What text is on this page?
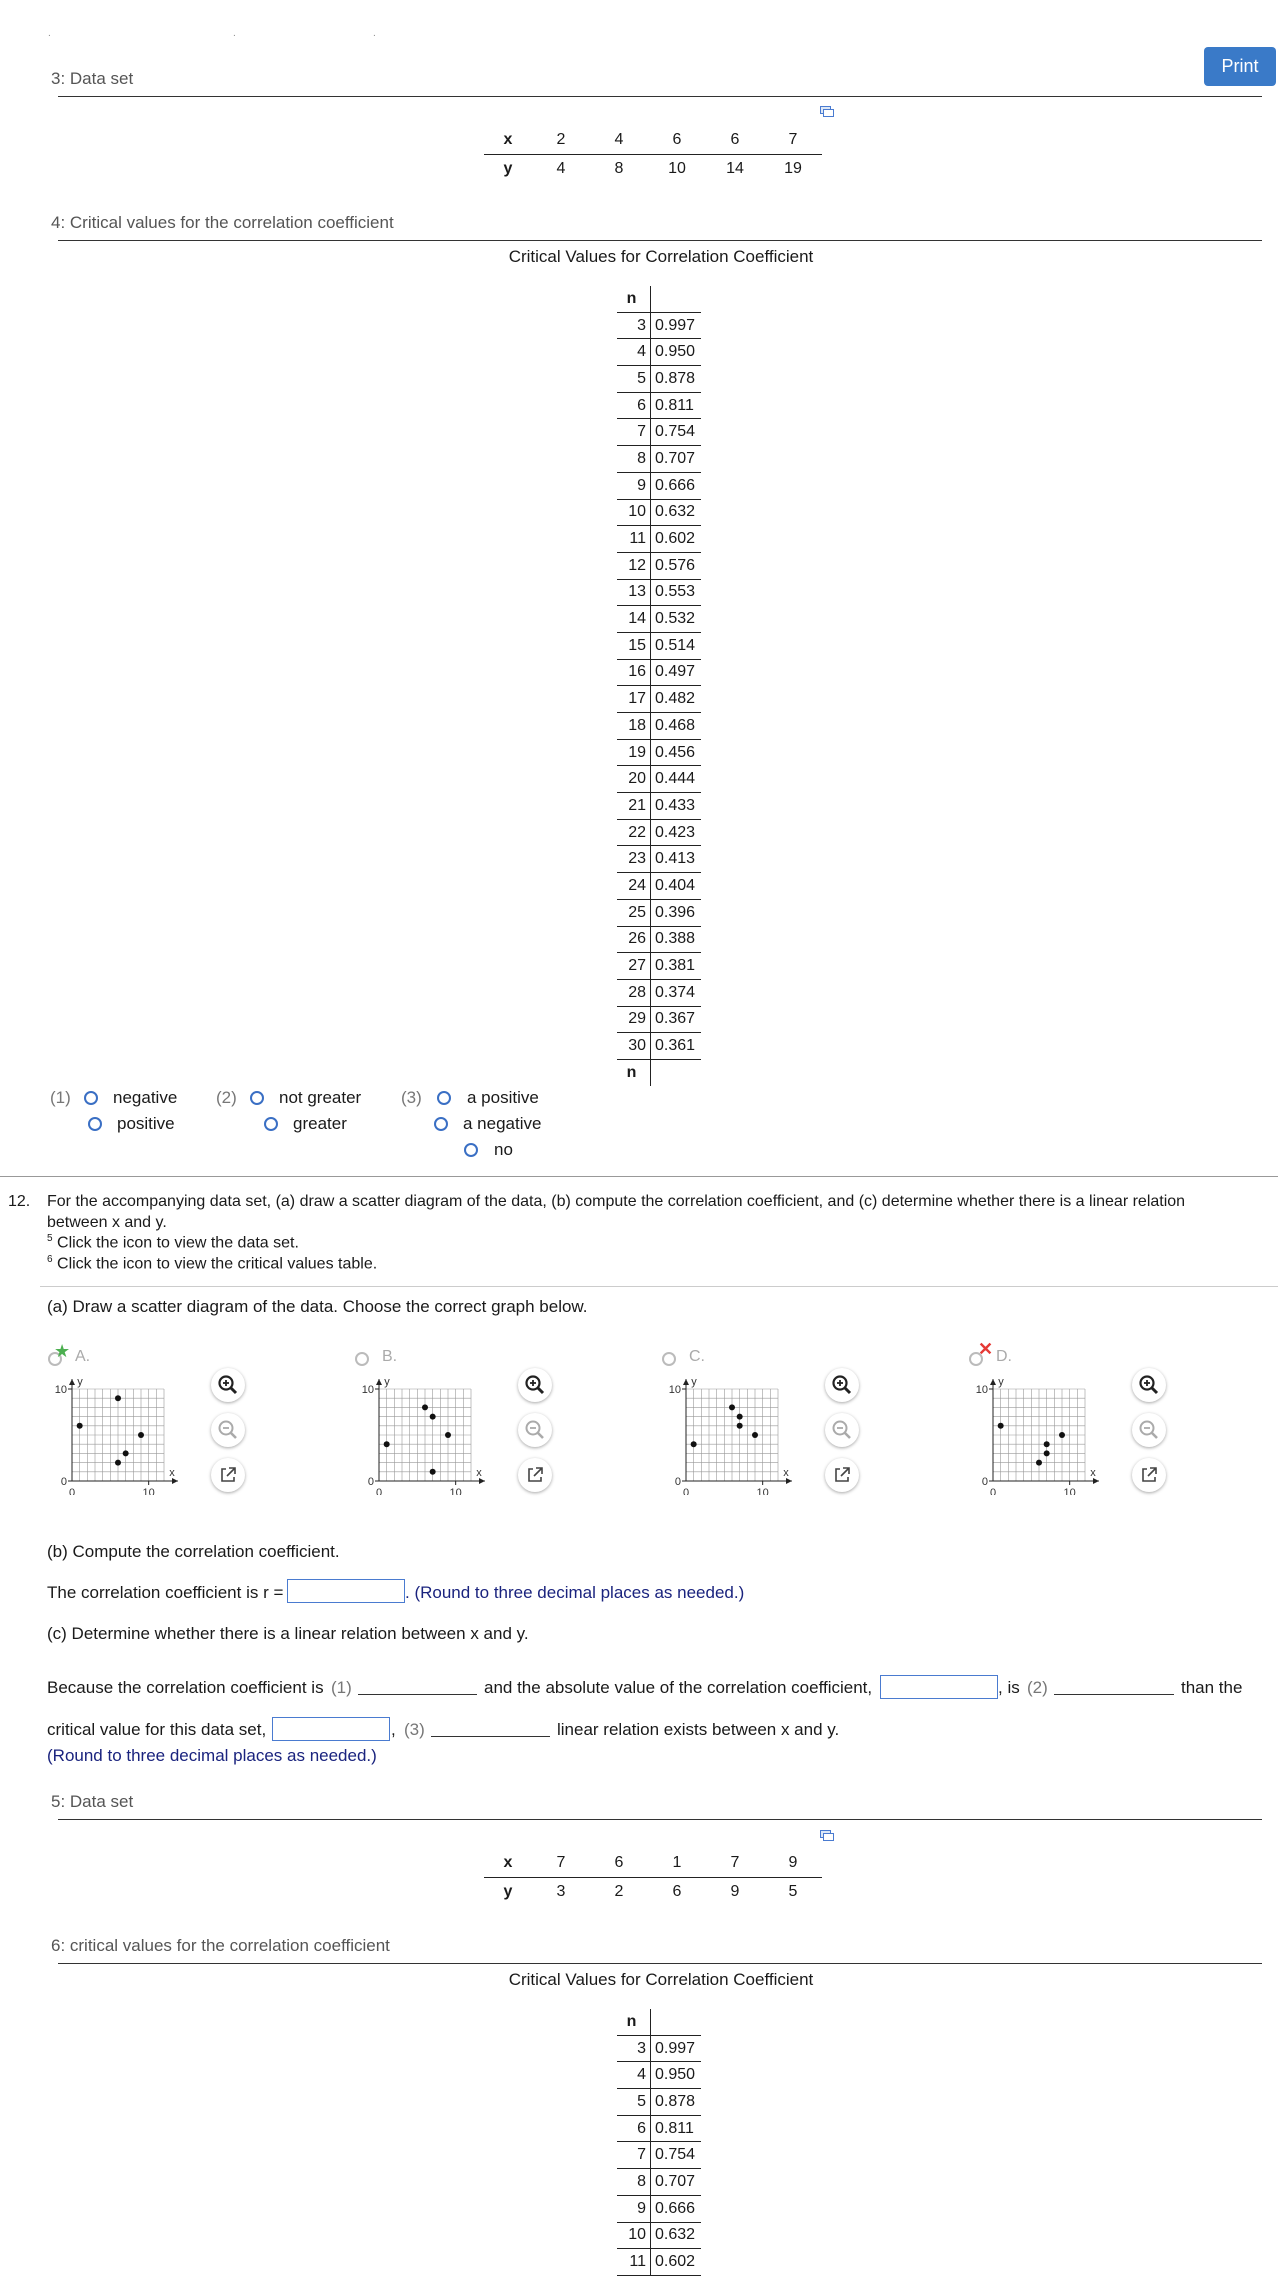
.	.	.
Print
3: Data set
x	2	4	6	6	7
y	4	8	10	14	19
4: Critical values for the correlation coefficient
Critical Values for Correlation Coefficient
n	
3	0.997
4	0.950
5	0.878
6	0.811
7	0.754
8	0.707
9	0.666
10	0.632
11	0.602
12	0.576
13	0.553
14	0.532
15	0.514
16	0.497
17	0.482
18	0.468
19	0.456
20	0.444
21	0.433
22	0.423
23	0.413
24	0.404
25	0.396
26	0.388
27	0.381
28	0.374
29	0.367
30	0.361
n	
(1) negative
positive
(2) not greater
greater
(3)	a positive
a negative
no
12. For the accompanying data set, (a) draw a scatter diagram of the data, (b) compute the correlation coefficient, and (c) determine whether there is a linear relation
between x and y.
$^5$ Click the icon to view the data set.
$^6$ Click the icon to view the critical values table.
(a) Draw a scatter diagram of the data. Choose the correct graph below.
★ A.
10
0
10
0
x
y
B.
10
0
10
0
x
y
C.
10
0
10
0
x
y
✕ D.
10
0
10
0
x
y
(b) Compute the correlation coefficient.
The correlation coefficient is r =	. (Round to three decimal places as needed.)
(c) Determine whether there is a linear relation between x and y.
Because the correlation coefficient is (1)	and the absolute value of the correlation coefficient,	, is (2)	than the
critical value for this data set,	, (3)	linear relation exists between x and y.
(Round to three decimal places as needed.)
5: Data set
x	7	6	1	7	9
y	3	2	6	9	5
6: critical values for the correlation coefficient
Critical Values for Correlation Coefficient
n	
3	0.997
4	0.950
5	0.878
6	0.811
7	0.754
8	0.707
9	0.666
10	0.632
11	0.602
